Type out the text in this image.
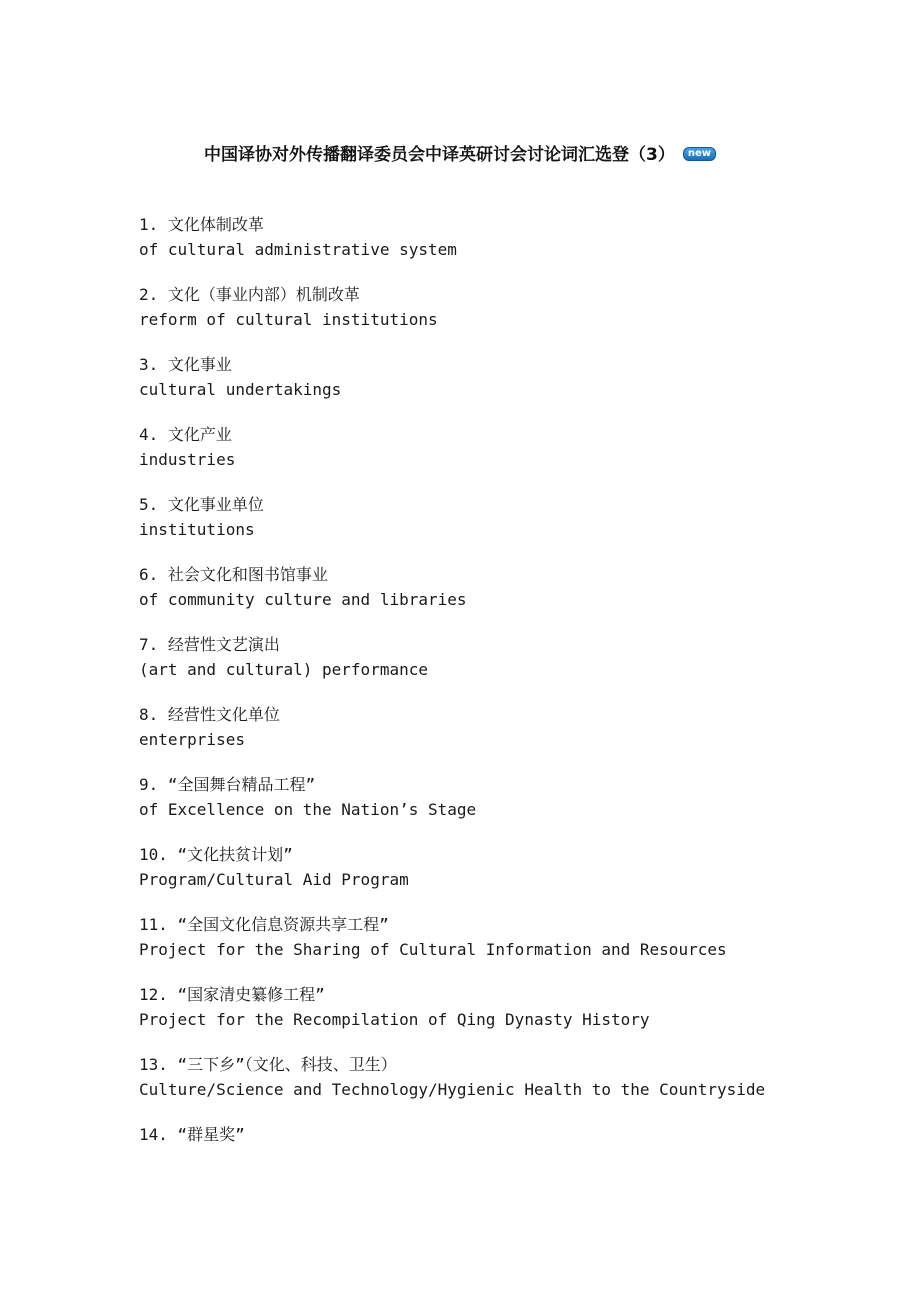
中国译协对外传播翻译委员会中译英研讨会讨论词汇选登（3） new
1. 文化体制改革
of cultural administrative system
2. 文化（事业内部）机制改革
reform of cultural institutions
3. 文化事业
cultural undertakings
4. 文化产业
industries
5. 文化事业单位
institutions
6. 社会文化和图书馆事业
of community culture and libraries
7. 经营性文艺演出
(art and cultural) performance
8. 经营性文化单位
enterprises
9. “全国舞台精品工程”
of Excellence on the Nation’s Stage
10. “文化扶贫计划”
Program/Cultural Aid Program
11. “全国文化信息资源共享工程”
Project for the Sharing of Cultural Information and Resources
12. “国家清史纂修工程”
Project for the Recompilation of Qing Dynasty History
13. “三下乡”（文化、科技、卫生）
Culture/Science and Technology/Hygienic Health to the Countryside
14. “群星奖”
